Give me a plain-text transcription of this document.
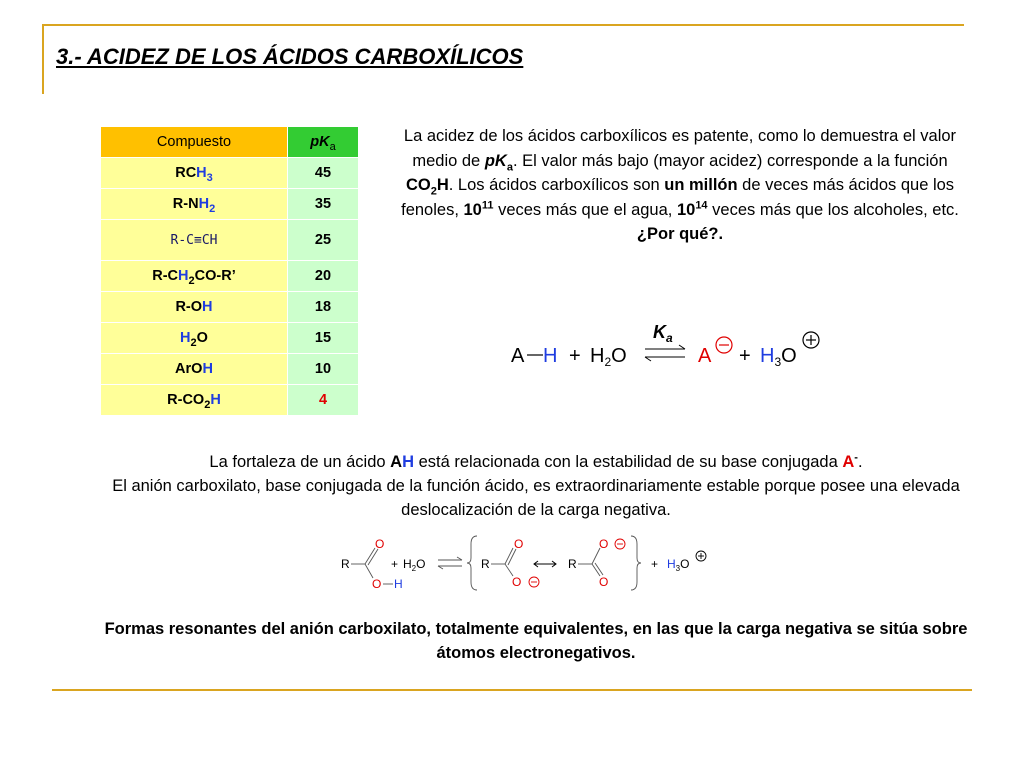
3.- ACIDEZ DE LOS ÁCIDOS CARBOXÍLICOS
Compuesto	$pK_a$
$RCH_3$	45
$R-NH_2$	35
R-C≡CH	25
$R-CH_2CO-R$’	20
R-OH	18
$H_2O$	15
ArOH	10
$R-CO_2H$	4
La acidez de los ácidos carboxílicos es patente, como lo demuestra el valor medio de $pK_a$. El valor más bajo (mayor acidez) corresponde a la función $CO_2H$. Los ácidos carboxílicos son un millón de veces más ácidos que los fenoles, $10^{11}$ veces más que el agua, $10^{14}$ veces más que los alcoholes, etc.
¿Por qué?.
A $H + H_2O$
$K_a$
$A + H_3O$
La fortaleza de un ácido AH está relacionada con la estabilidad de su base conjugada A-.
El anión carboxilato, base conjugada de la función ácido, es extraordinariamente estable porque posee una elevada deslocalización de la carga negativa.
R
O
O H
+ $H_2O$	R
O
O
R
O
O
+ $H_3O$
Formas resonantes del anión carboxilato, totalmente equivalentes, en las que la carga negativa se sitúa sobre átomos electronegativos.
